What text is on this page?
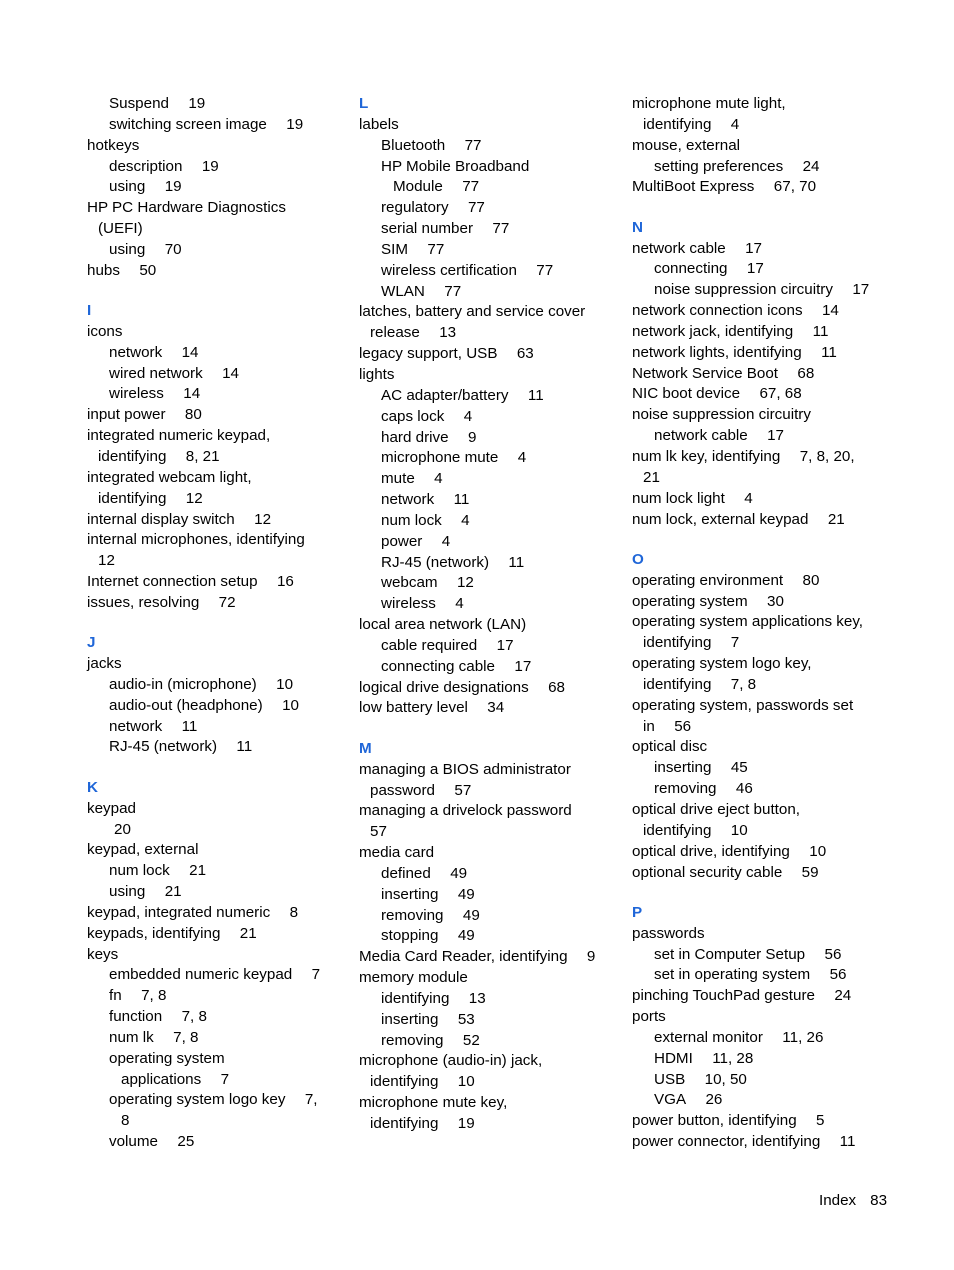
Suspend  19
switching screen image  19
hotkeys
description  19
using  19
HP PC Hardware Diagnostics
(UEFI)
using  70
hubs  50
I
icons
network  14
wired network  14
wireless  14
input power  80
integrated numeric keypad,
identifying  8, 21
integrated webcam light,
identifying  12
internal display switch  12
internal microphones, identifying
12
Internet connection setup  16
issues, resolving  72
J
jacks
audio-in (microphone)  10
audio-out (headphone)  10
network  11
RJ-45 (network)  11
K
keypad
20
keypad, external
num lock  21
using  21
keypad, integrated numeric  8
keypads, identifying  21
keys
embedded numeric keypad  7
fn  7, 8
function  7, 8
num lk  7, 8
operating system
applications  7
operating system logo key  7,
8
volume  25
L
labels
Bluetooth  77
HP Mobile Broadband
Module  77
regulatory  77
serial number  77
SIM  77
wireless certification  77
WLAN  77
latches, battery and service cover
release  13
legacy support, USB  63
lights
AC adapter/battery  11
caps lock  4
hard drive  9
microphone mute  4
mute  4
network  11
num lock  4
power  4
RJ-45 (network)  11
webcam  12
wireless  4
local area network (LAN)
cable required  17
connecting cable  17
logical drive designations  68
low battery level  34
M
managing a BIOS administrator
password  57
managing a drivelock password
57
media card
defined  49
inserting  49
removing  49
stopping  49
Media Card Reader, identifying  9
memory module
identifying  13
inserting  53
removing  52
microphone (audio-in) jack,
identifying  10
microphone mute key,
identifying  19
microphone mute light,
identifying  4
mouse, external
setting preferences  24
MultiBoot Express  67, 70
N
network cable  17
connecting  17
noise suppression circuitry  17
network connection icons  14
network jack, identifying  11
network lights, identifying  11
Network Service Boot  68
NIC boot device  67, 68
noise suppression circuitry
network cable  17
num lk key, identifying  7, 8, 20,
21
num lock light  4
num lock, external keypad  21
O
operating environment  80
operating system  30
operating system applications key,
identifying  7
operating system logo key,
identifying  7, 8
operating system, passwords set
in  56
optical disc
inserting  45
removing  46
optical drive eject button,
identifying  10
optical drive, identifying  10
optional security cable  59
P
passwords
set in Computer Setup  56
set in operating system  56
pinching TouchPad gesture  24
ports
external monitor  11, 26
HDMI  11, 28
USB  10, 50
VGA  26
power button, identifying  5
power connector, identifying  11
Index 83
